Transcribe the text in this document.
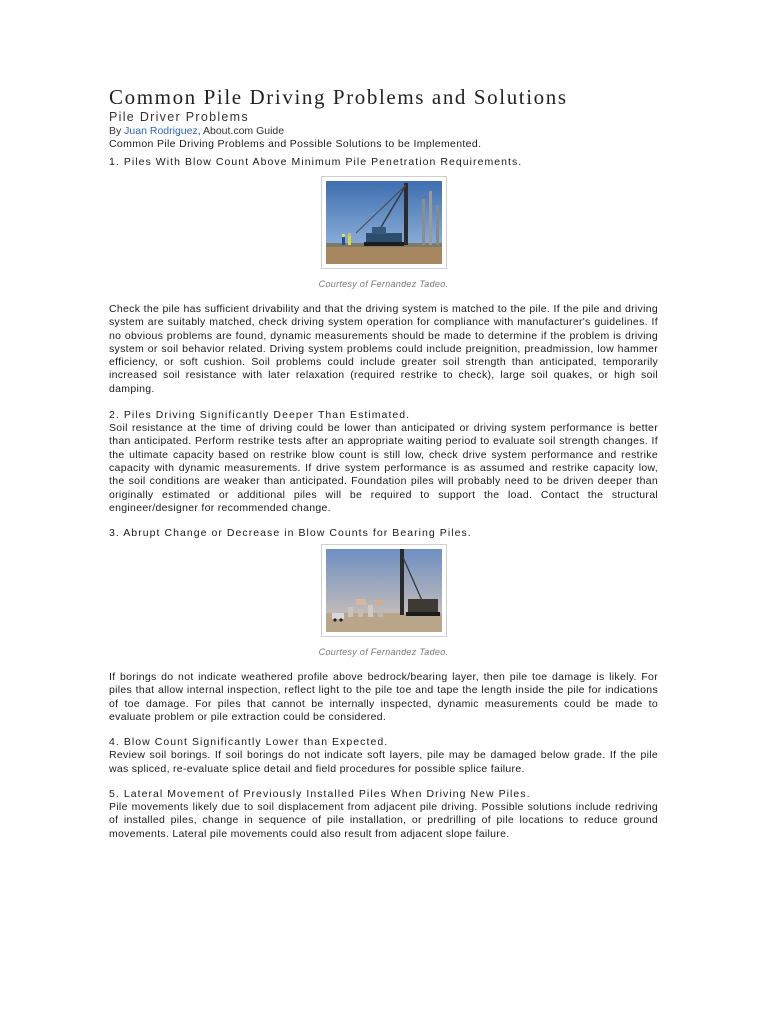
Common Pile Driving Problems and Solutions
Pile Driver Problems
By Juan Rodriguez, About.com Guide
Common Pile Driving Problems and Possible Solutions to be Implemented.
1. Piles With Blow Count Above Minimum Pile Penetration Requirements.
Courtesy of Fernandez Tadeo.

Check the pile has sufficient drivability and that the driving system is matched to the pile. If the pile and driving system are suitably matched, check driving system operation for compliance with manufacturer's guidelines. If no obvious problems are found, dynamic measurements should be made to determine if the problem is driving system or soil behavior related. Driving system problems could include preignition, preadmission, low hammer efficiency, or soft cushion. Soil problems could include greater soil strength than anticipated, temporarily increased soil resistance with later relaxation (required restrike to check), large soil quakes, or high soil damping.

2. Piles Driving Significantly Deeper Than Estimated.

Soil resistance at the time of driving could be lower than anticipated or driving system performance is better than anticipated. Perform restrike tests after an appropriate waiting period to evaluate soil strength changes. If the ultimate capacity based on restrike blow count is still low, check drive system performance and restrike capacity with dynamic measurements. If drive system performance is as assumed and restrike capacity low, the soil conditions are weaker than anticipated. Foundation piles will probably need to be driven deeper than originally estimated or additional piles will be required to support the load. Contact the structural engineer/designer for recommended change.

3. Abrupt Change or Decrease in Blow Counts for Bearing Piles.
Courtesy of Fernandez Tadeo.

If borings do not indicate weathered profile above bedrock/bearing layer, then pile toe damage is likely. For piles that allow internal inspection, reflect light to the pile toe and tape the length inside the pile for indications of toe damage. For piles that cannot be internally inspected, dynamic measurements could be made to evaluate problem or pile extraction could be considered.

4. Blow Count Significantly Lower than Expected.

Review soil borings. If soil borings do not indicate soft layers, pile may be damaged below grade. If the pile was spliced, re-evaluate splice detail and field procedures for possible splice failure.

5. Lateral Movement of Previously Installed Piles When Driving New Piles.

Pile movements likely due to soil displacement from adjacent pile driving. Possible solutions include redriving of installed piles, change in sequence of pile installation, or predrilling of pile locations to reduce ground movements. Lateral pile movements could also result from adjacent slope failure.
